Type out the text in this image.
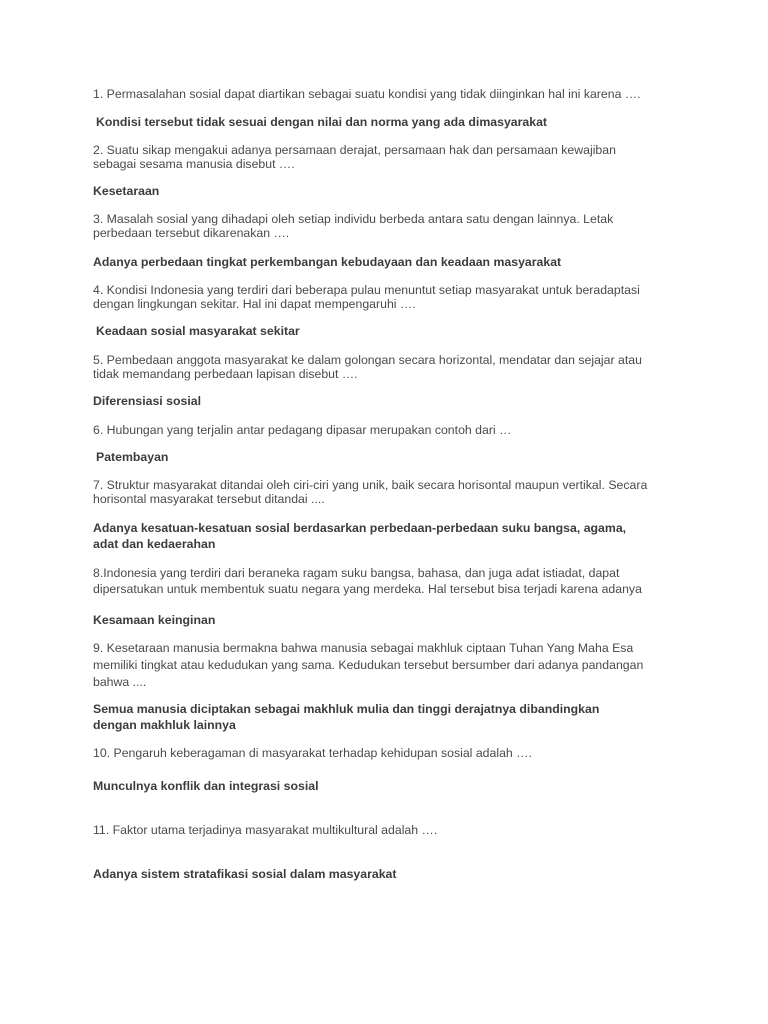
1. Permasalahan sosial dapat diartikan sebagai suatu kondisi yang tidak diinginkan hal ini karena ….
Kondisi tersebut tidak sesuai dengan nilai dan norma yang ada dimasyarakat
2. Suatu sikap mengakui adanya persamaan derajat, persamaan hak dan persamaan kewajiban
sebagai sesama manusia disebut ….
Kesetaraan
3. Masalah sosial yang dihadapi oleh setiap individu berbeda antara satu dengan lainnya. Letak
perbedaan tersebut dikarenakan ….
Adanya perbedaan tingkat perkembangan kebudayaan dan keadaan masyarakat
4. Kondisi Indonesia yang terdiri dari beberapa pulau menuntut setiap masyarakat untuk beradaptasi
dengan lingkungan sekitar. Hal ini dapat mempengaruhi ….
Keadaan sosial masyarakat sekitar
5. Pembedaan anggota masyarakat ke dalam golongan secara horizontal, mendatar dan sejajar atau
tidak memandang perbedaan lapisan disebut ….
Diferensiasi sosial
6. Hubungan yang terjalin antar pedagang dipasar merupakan contoh dari …
Patembayan
7. Struktur masyarakat ditandai oleh ciri-ciri yang unik, baik secara horisontal maupun vertikal. Secara
horisontal masyarakat tersebut ditandai ....
Adanya kesatuan-kesatuan sosial berdasarkan perbedaan-perbedaan suku bangsa, agama,
adat dan kedaerahan
8.Indonesia yang terdiri dari beraneka ragam suku bangsa, bahasa, dan juga adat istiadat, dapat
dipersatukan untuk membentuk suatu negara yang merdeka. Hal tersebut bisa terjadi karena adanya
Kesamaan keinginan
9. Kesetaraan manusia bermakna bahwa manusia sebagai makhluk ciptaan Tuhan Yang Maha Esa
memiliki tingkat atau kedudukan yang sama. Kedudukan tersebut bersumber dari adanya pandangan
bahwa ....
Semua manusia diciptakan sebagai makhluk mulia dan tinggi derajatnya dibandingkan
dengan makhluk lainnya
10. Pengaruh keberagaman di masyarakat terhadap kehidupan sosial adalah ….
Munculnya konflik dan integrasi sosial
11. Faktor utama terjadinya masyarakat multikultural adalah ….
Adanya sistem stratafikasi sosial dalam masyarakat
